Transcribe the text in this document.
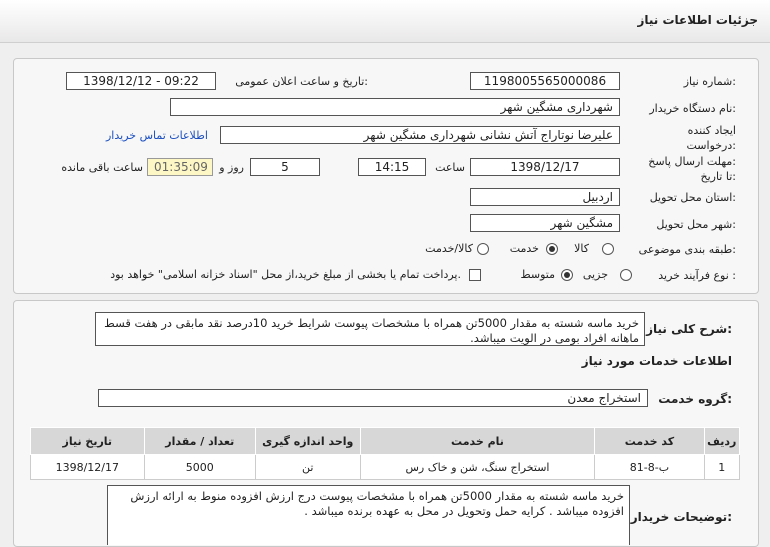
جزئیات اطلاعات نیاز
شماره نیاز:
1198005565000086
تاریخ و ساعت اعلان عمومی:
1398/12/12 - 09:22
نام دستگاه خریدار:
شهرداری مشگین شهر
ایجاد کننده
درخواست:
علیرضا نوتاراج آتش نشانی شهرداری مشگین شهر
اطلاعات تماس خریدار
مهلت ارسال پاسخ:
تا تاریخ:
1398/12/17
ساعت
14:15
5
روز و
01:35:09
ساعت باقی مانده
استان محل تحویل:
اردبیل
شهر محل تحویل:
مشگین شهر
طبقه بندی موضوعی:
کالا
خدمت
کالا/خدمت
نوع فرآیند خرید :
جزیی
متوسط
پرداخت تمام یا بخشی از مبلغ خرید،از محل "اسناد خزانه اسلامی" خواهد بود.
شرح کلی نیاز:
خرید ماسه شسته به مقدار 5000تن همراه با مشخصات پیوست شرایط خرید 10درصد نقد مابقی در هفت قسط ماهانه افراد بومی در الویت میباشد.
اطلاعات خدمات مورد نیاز
گروه خدمت:
استخراج معدن
ردیف	کد خدمت	نام خدمت	واحد اندازه گیری	تعداد / مقدار	تاریخ نیاز
1	ب-8-81	استخراج سنگ، شن و خاک رس	تن	5000	1398/12/17
توضیحات خریدار:
خرید ماسه شسته به مقدار 5000تن همراه با مشخصات پیوست درج ارزش افزوده منوط به ارائه ارزش افزوده میباشد . کرایه حمل وتحویل در محل به عهده برنده میباشد .
